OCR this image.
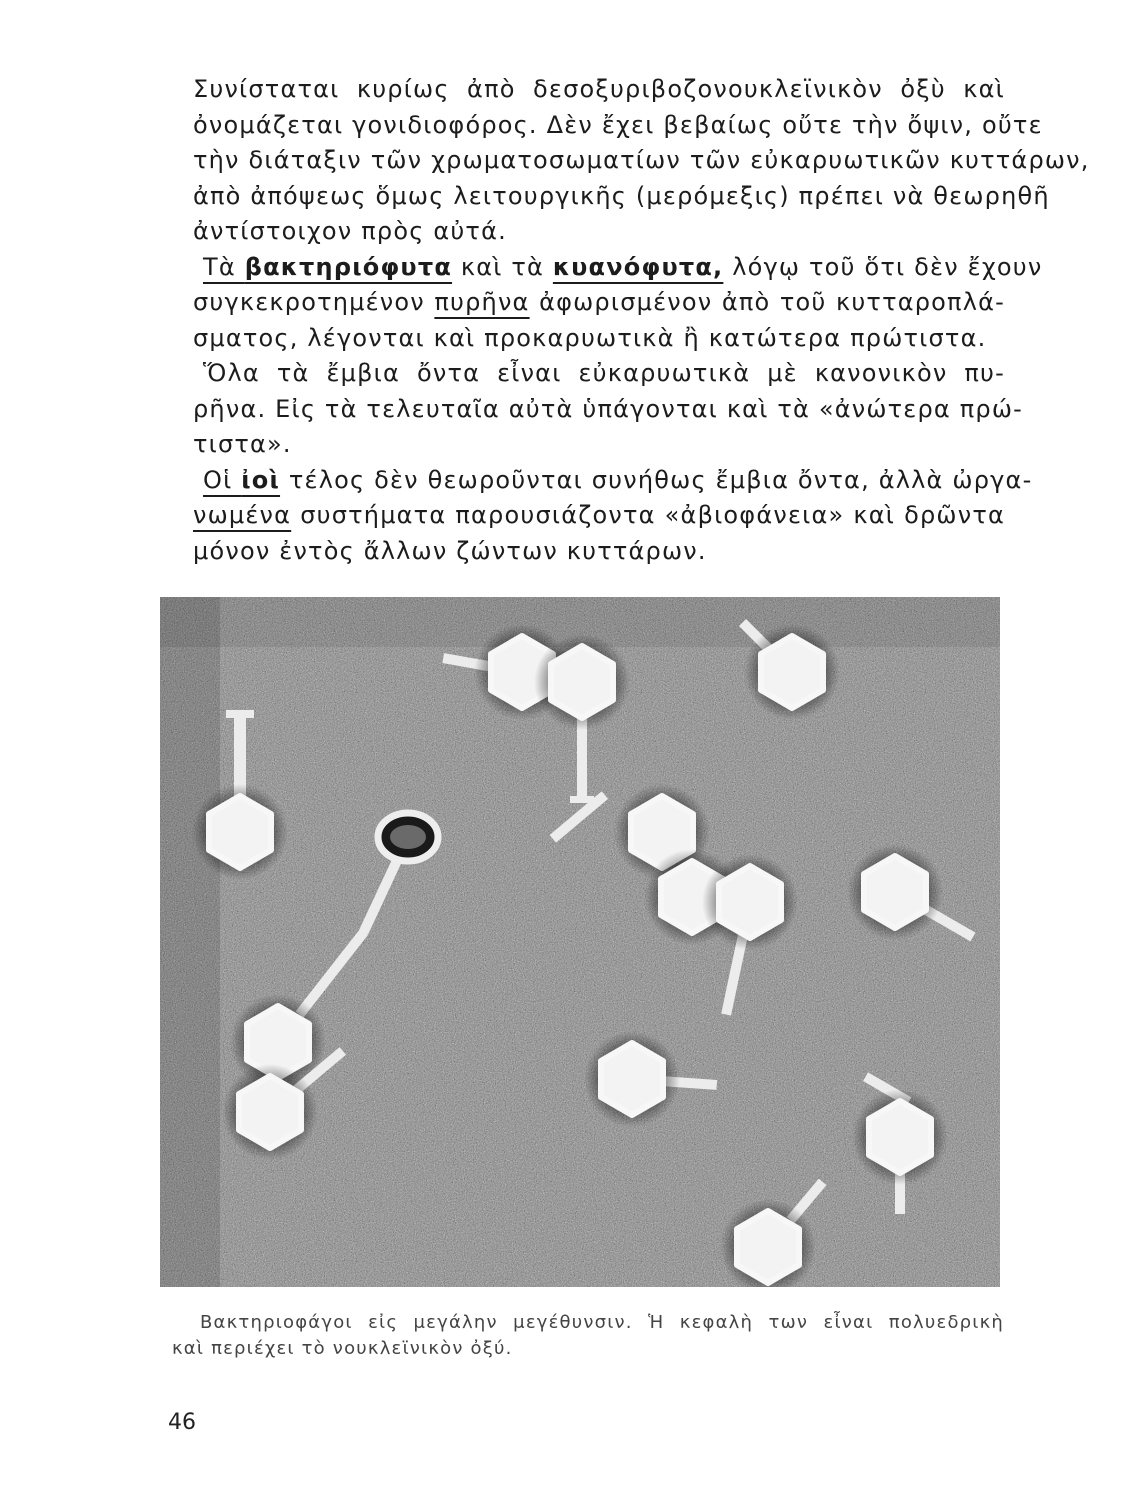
Συνίσταται κυρίως ἀπὸ δεσοξυριβοζονουκλεϊνικὸν ὀξὺ καὶ
ὀνομάζεται γονιδιοφόρος. Δὲν ἔχει βεβαίως οὔτε τὴν ὄψιν, οὔτε
τὴν διάταξιν τῶν χρωματοσωματίων τῶν εὐκαρυωτικῶν κυττάρων,
ἀπὸ ἀπόψεως ὅμως λειτουργικῆς (μερόμεξις) πρέπει νὰ θεωρηθῆ
ἀντίστοιχον πρὸς αὐτά.
Τὰ βακτηριόφυτα καὶ τὰ κυανόφυτα, λόγῳ τοῦ ὅτι δὲν ἔχουν
συγκεκροτημένον πυρῆνα ἀφωρισμένον ἀπὸ τοῦ κυτταροπλά-
σματος, λέγονται καὶ προκαρυωτικὰ ἢ κατώτερα πρώτιστα.
Ὅλα τὰ ἔμβια ὄντα εἶναι εὐκαρυωτικὰ μὲ κανονικὸν πυ-
ρῆνα. Εἰς τὰ τελευταῖα αὐτὰ ὑπάγονται καὶ τὰ «ἀνώτερα πρώ-
τιστα».
Οἱ ἰοὶ τέλος δὲν θεωροῦνται συνήθως ἔμβια ὄντα, ἀλλὰ ὠργα-
νωμένα συστήματα παρουσιάζοντα «ἀβιοφάνεια» καὶ δρῶντα
μόνον ἐντὸς ἄλλων ζώντων κυττάρων.
Βακτηριοφάγοι εἰς μεγάλην μεγέθυνσιν. Ἡ κεφαλὴ των εἶναι πολυεδρικὴ
καὶ περιέχει τὸ νουκλεϊνικὸν ὀξύ.
46
